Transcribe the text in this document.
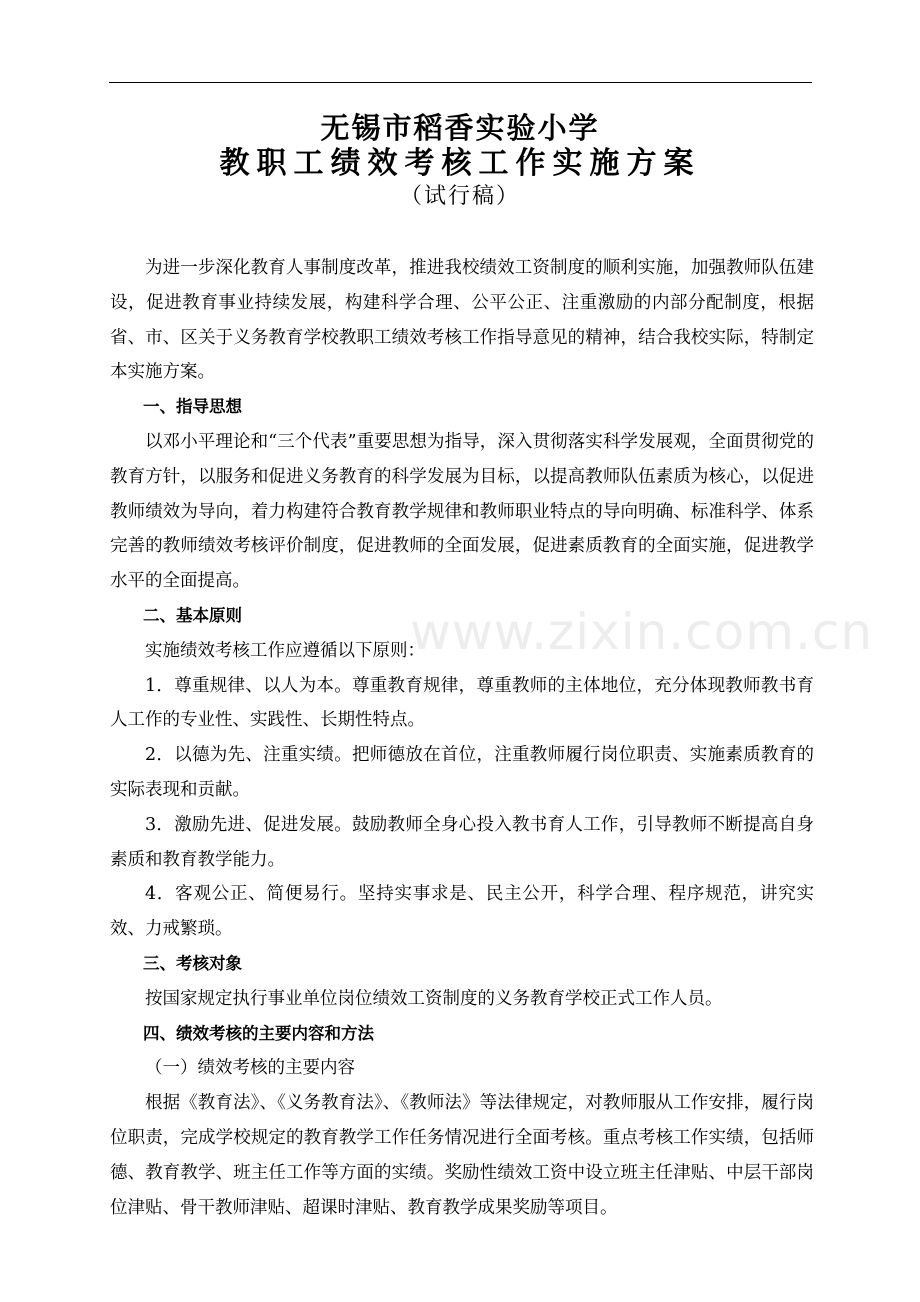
无锡市稻香实验小学
教职工绩效考核工作实施方案
（试行稿）

为进一步深化教育人事制度改革，推进我校绩效工资制度的顺利实施，加强教师队伍建设，促进教育事业持续发展，构建科学合理、公平公正、注重激励的内部分配制度，根据省、市、区关于义务教育学校教职工绩效考核工作指导意见的精神，结合我校实际，特制定本实施方案。

一、指导思想

以邓小平理论和“三个代表”重要思想为指导，深入贯彻落实科学发展观，全面贯彻党的教育方针，以服务和促进义务教育的科学发展为目标，以提高教师队伍素质为核心，以促进教师绩效为导向，着力构建符合教育教学规律和教师职业特点的导向明确、标准科学、体系完善的教师绩效考核评价制度，促进教师的全面发展，促进素质教育的全面实施，促进教学水平的全面提高。

二、基本原则

实施绩效考核工作应遵循以下原则：

1．尊重规律、以人为本。尊重教育规律，尊重教师的主体地位，充分体现教师教书育人工作的专业性、实践性、长期性特点。

2．以德为先、注重实绩。把师德放在首位，注重教师履行岗位职责、实施素质教育的实际表现和贡献。

3．激励先进、促进发展。鼓励教师全身心投入教书育人工作，引导教师不断提高自身素质和教育教学能力。

4．客观公正、简便易行。坚持实事求是、民主公开，科学合理、程序规范，讲究实效、力戒繁琐。

三、考核对象

按国家规定执行事业单位岗位绩效工资制度的义务教育学校正式工作人员。

四、绩效考核的主要内容和方法

（一）绩效考核的主要内容

根据《教育法》、《义务教育法》、《教师法》等法律规定，对教师服从工作安排，履行岗位职责，完成学校规定的教育教学工作任务情况进行全面考核。重点考核工作实绩，包括师德、教育教学、班主任工作等方面的实绩。奖励性绩效工资中设立班主任津贴、中层干部岗位津贴、骨干教师津贴、超课时津贴、教育教学成果奖励等项目。

www.zixin.com.cn
